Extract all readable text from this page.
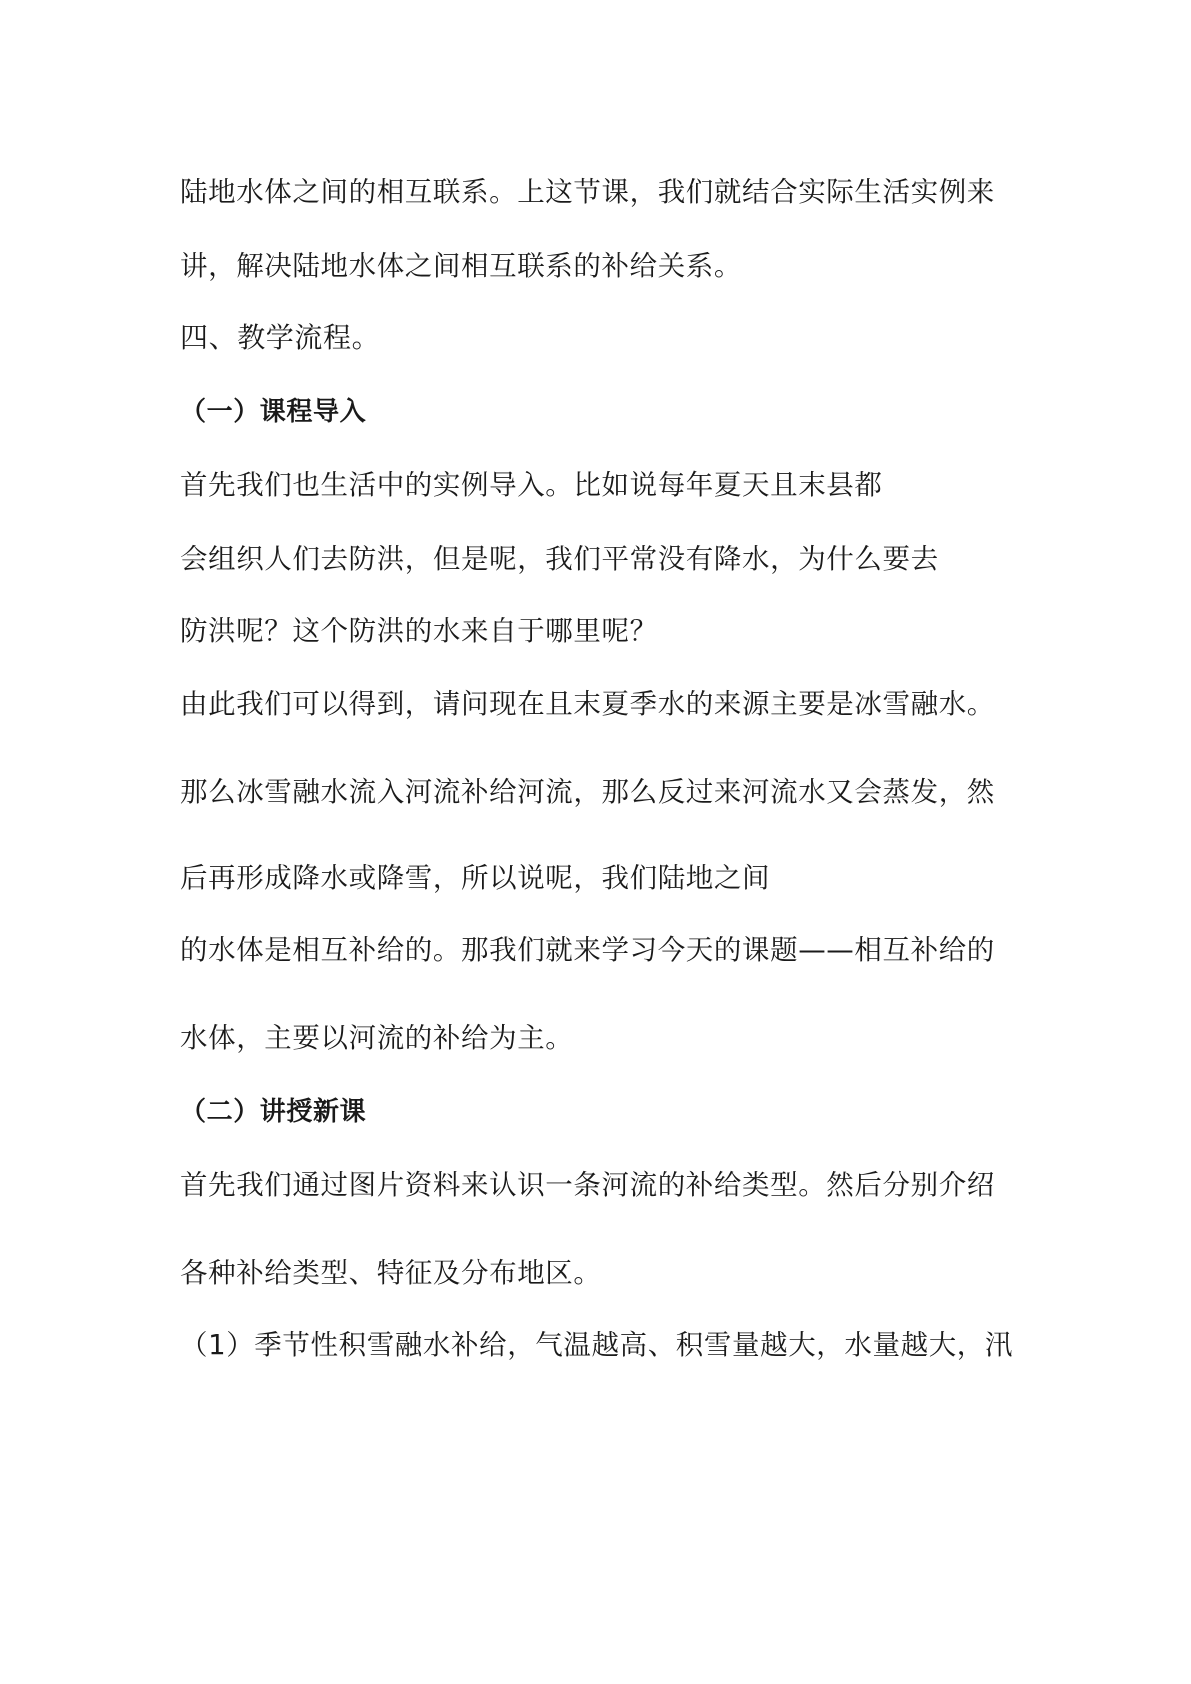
陆地水体之间的相互联系。上这节课，我们就结合实际生活实例来
讲，解决陆地水体之间相互联系的补给关系。
四、教学流程。
（一）课程导入
首先我们也生活中的实例导入。比如说每年夏天且末县都
会组织人们去防洪，但是呢，我们平常没有降水，为什么要去
防洪呢？这个防洪的水来自于哪里呢？
由此我们可以得到，请问现在且末夏季水的来源主要是冰雪融水。
那么冰雪融水流入河流补给河流，那么反过来河流水又会蒸发，然
后再形成降水或降雪，所以说呢，我们陆地之间
的水体是相互补给的。那我们就来学习今天的课题——相互补给的
水体，主要以河流的补给为主。
（二）讲授新课
首先我们通过图片资料来认识一条河流的补给类型。然后分别介绍
各种补给类型、特征及分布地区。
（1）季节性积雪融水补给，气温越高、积雪量越大，水量越大，汛
